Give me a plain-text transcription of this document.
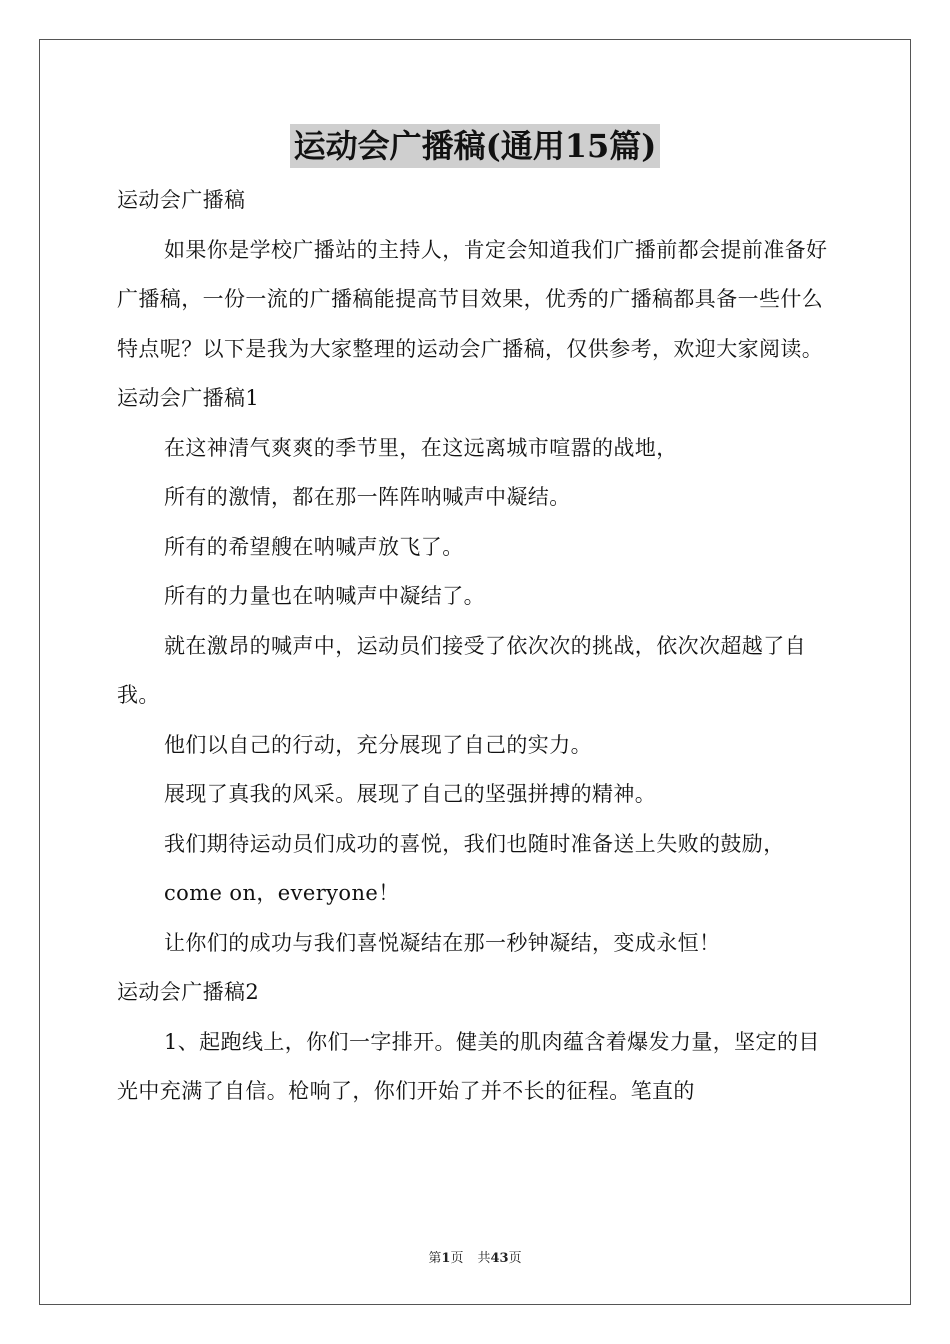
运动会广播稿(通用15篇)

运动会广播稿

如果你是学校广播站的主持人，肯定会知道我们广播前都会提前准备好广播稿，一份一流的广播稿能提高节目效果，优秀的广播稿都具备一些什么特点呢？以下是我为大家整理的运动会广播稿，仅供参考，欢迎大家阅读。

运动会广播稿1

在这神清气爽爽的季节里，在这远离城市喧嚣的战地，

所有的激情，都在那一阵阵呐喊声中凝结。

所有的希望艘在呐喊声放飞了。

所有的力量也在呐喊声中凝结了。

就在激昂的喊声中，运动员们接受了依次次的挑战，依次次超越了自我。

他们以自己的行动，充分展现了自己的实力。

展现了真我的风采。展现了自己的坚强拼搏的精神。

我们期待运动员们成功的喜悦，我们也随时准备送上失败的鼓励，

come on，everyone！

让你们的成功与我们喜悦凝结在那一秒钟凝结，变成永恒！

运动会广播稿2

1、起跑线上，你们一字排开。健美的肌肉蕴含着爆发力量，坚定的目光中充满了自信。枪响了，你们开始了并不长的征程。笔直的

第1页 共43页
